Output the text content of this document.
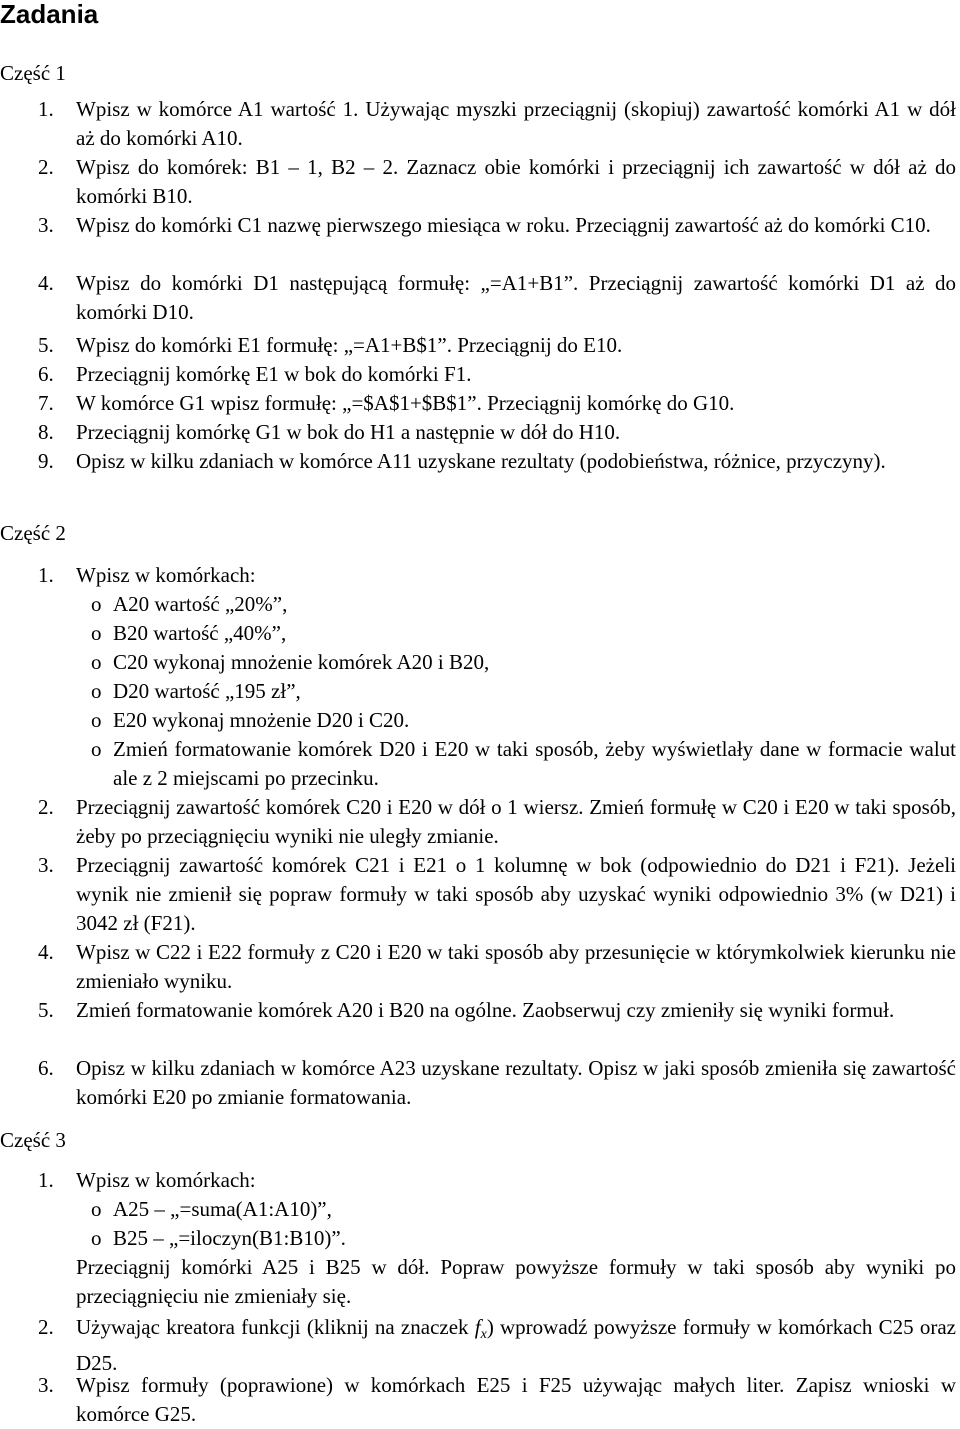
Zadania
Część 1
1. Wpisz w komórce A1 wartość 1. Używając myszki przeciągnij (skopiuj) zawartość komórki A1 w dół aż do komórki A10.
2. Wpisz do komórek: B1 – 1, B2 – 2. Zaznacz obie komórki i przeciągnij ich zawartość w dół aż do komórki B10.
3. Wpisz do komórki C1 nazwę pierwszego miesiąca w roku. Przeciągnij zawartość aż do komórki C10.
4. Wpisz do komórki D1 następującą formułę: „=A1+B1”. Przeciągnij zawartość komórki D1 aż do komórki D10.
5. Wpisz do komórki E1 formułę: „=A1+B$1”. Przeciągnij do E10.
6. Przeciągnij komórkę E1 w bok do komórki F1.
7. W komórce G1 wpisz formułę: „=$A$1+$B$1”. Przeciągnij komórkę do G10.
8. Przeciągnij komórkę G1 w bok do H1 a następnie w dół do H10.
9. Opisz w kilku zdaniach w komórce A11 uzyskane rezultaty (podobieństwa, różnice, przyczyny).
Część 2
1. Wpisz w komórkach:
o A20 wartość „20%”,
o B20 wartość „40%”,
o C20 wykonaj mnożenie komórek A20 i B20,
o D20 wartość „195 zł”,
o E20 wykonaj mnożenie D20 i C20.
o Zmień formatowanie komórek D20 i E20 w taki sposób, żeby wyświetlały dane w formacie walut ale z 2 miejscami po przecinku.
2. Przeciągnij zawartość komórek C20 i E20 w dół o 1 wiersz. Zmień formułę w C20 i E20 w taki sposób, żeby po przeciągnięciu wyniki nie uległy zmianie.
3. Przeciągnij zawartość komórek C21 i E21 o 1 kolumnę w bok (odpowiednio do D21 i F21). Jeżeli wynik nie zmienił się popraw formuły w taki sposób aby uzyskać wyniki odpowiednio 3% (w D21) i 3042 zł (F21).
4. Wpisz w C22 i E22 formuły z C20 i E20 w taki sposób aby przesunięcie w którymkolwiek kierunku nie zmieniało wyniku.
5. Zmień formatowanie komórek A20 i B20 na ogólne. Zaobserwuj czy zmieniły się wyniki formuł.
6. Opisz w kilku zdaniach w komórce A23 uzyskane rezultaty. Opisz w jaki sposób zmieniła się zawartość komórki E20 po zmianie formatowania.
Część 3
1. Wpisz w komórkach:
o A25 – „=suma(A1:A10)”,
o B25 – „=iloczyn(B1:B10)”.
Przeciągnij komórki A25 i B25 w dół. Popraw powyższe formuły w taki sposób aby wyniki po przeciągnięciu nie zmieniały się.
2. Używając kreatora funkcji (kliknij na znaczek fx) wprowadź powyższe formuły w komórkach C25 oraz D25.
3. Wpisz formuły (poprawione) w komórkach E25 i F25 używając małych liter. Zapisz wnioski w komórce G25.
